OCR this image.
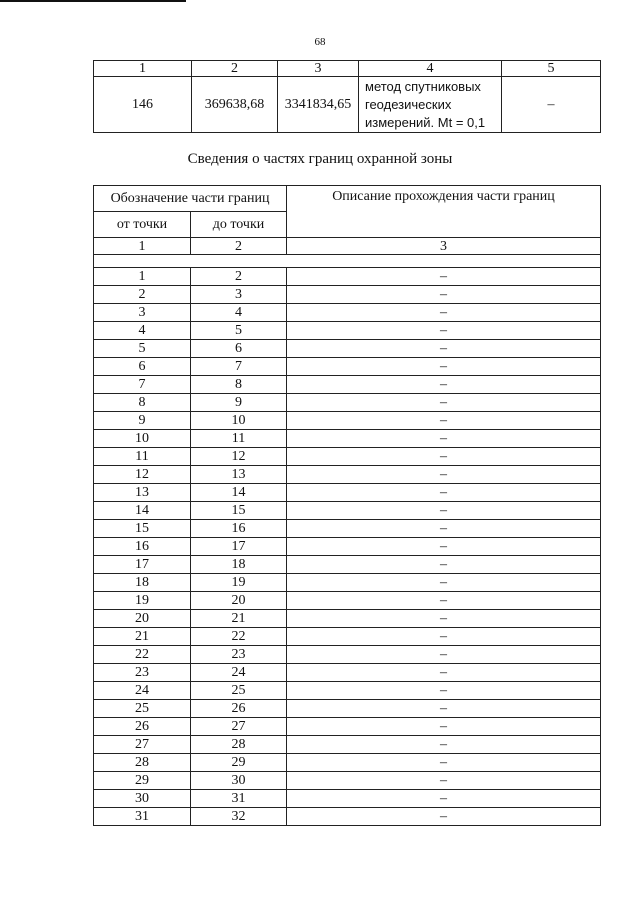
68
1	2	3	4	5
146	369638,68	3341834,65	метод спутниковых
геодезических
измерений. Mt = 0,1	–
Сведения о частях границ охранной зоны
Обозначение части границ		Описание прохождения части границ
от точки	до точки	
1	2	3

1	2	–
2	3	–
3	4	–
4	5	–
5	6	–
6	7	–
7	8	–
8	9	–
9	10	–
10	11	–
11	12	–
12	13	–
13	14	–
14	15	–
15	16	–
16	17	–
17	18	–
18	19	–
19	20	–
20	21	–
21	22	–
22	23	–
23	24	–
24	25	–
25	26	–
26	27	–
27	28	–
28	29	–
29	30	–
30	31	–
31	32	–
